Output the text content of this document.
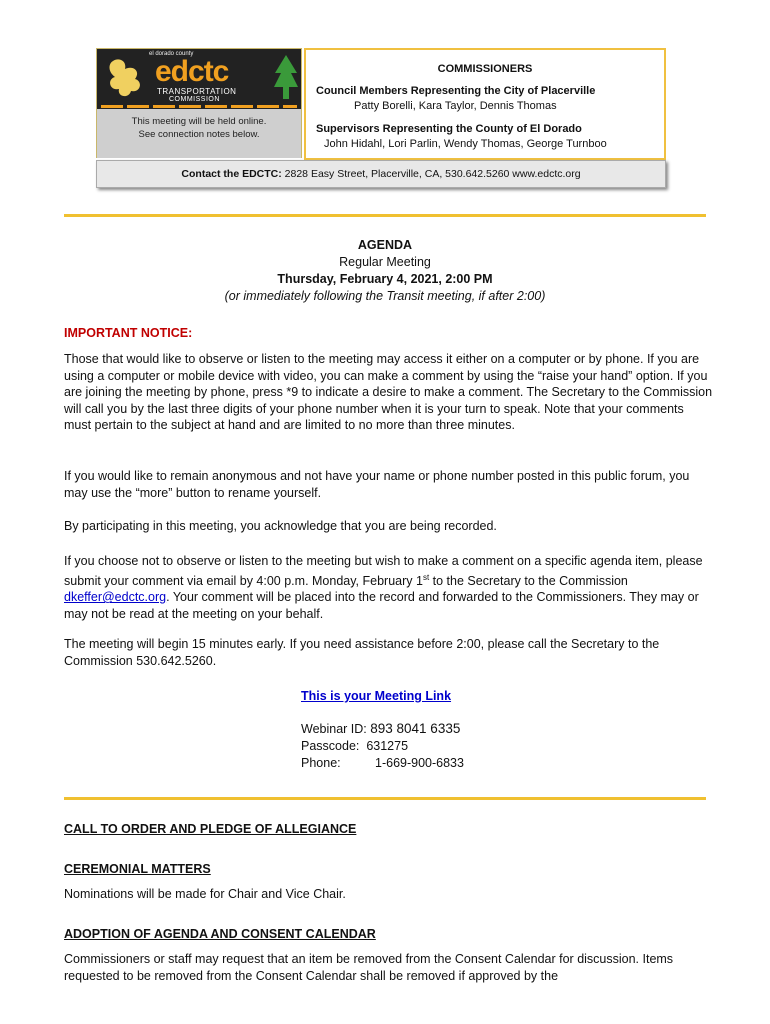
el dorado county
edctc
TRANSPORTATION
COMMISSION
This meeting will be held online.
See connection notes below.
COMMISSIONERS
Council Members Representing the City of Placerville
Patty Borelli, Kara Taylor, Dennis Thomas
Supervisors Representing the County of El Dorado
John Hidahl, Lori Parlin, Wendy Thomas, George Turnboo
Contact the EDCTC: 2828 Easy Street, Placerville, CA, 530.642.5260 www.edctc.org
AGENDA
Regular Meeting
Thursday, February 4, 2021, 2:00 PM
(or immediately following the Transit meeting, if after 2:00)
IMPORTANT NOTICE:
Those that would like to observe or listen to the meeting may access it either on a computer or by phone. If you are using a computer or mobile device with video, you can make a comment by using the “raise your hand” option. If you are joining the meeting by phone, press *9 to indicate a desire to make a comment. The Secretary to the Commission will call you by the last three digits of your phone number when it is your turn to speak. Note that your comments must pertain to the subject at hand and are limited to no more than three minutes.
If you would like to remain anonymous and not have your name or phone number posted in this public forum, you may use the “more” button to rename yourself.
By participating in this meeting, you acknowledge that you are being recorded.
If you choose not to observe or listen to the meeting but wish to make a comment on a specific agenda item, please submit your comment via email by 4:00 p.m. Monday, February 1st to the Secretary to the Commission dkeffer@edctc.org. Your comment will be placed into the record and forwarded to the Commissioners. They may or may not be read at the meeting on your behalf.
The meeting will begin 15 minutes early. If you need assistance before 2:00, please call the Secretary to the Commission 530.642.5260.
This is your Meeting Link
Webinar ID: 893 8041 6335
Passcode: 631275
Phone:	1-669-900-6833
CALL TO ORDER AND PLEDGE OF ALLEGIANCE
CEREMONIAL MATTERS
Nominations will be made for Chair and Vice Chair.
ADOPTION OF AGENDA AND CONSENT CALENDAR
Commissioners or staff may request that an item be removed from the Consent Calendar for discussion. Items requested to be removed from the Consent Calendar shall be removed if approved by the
